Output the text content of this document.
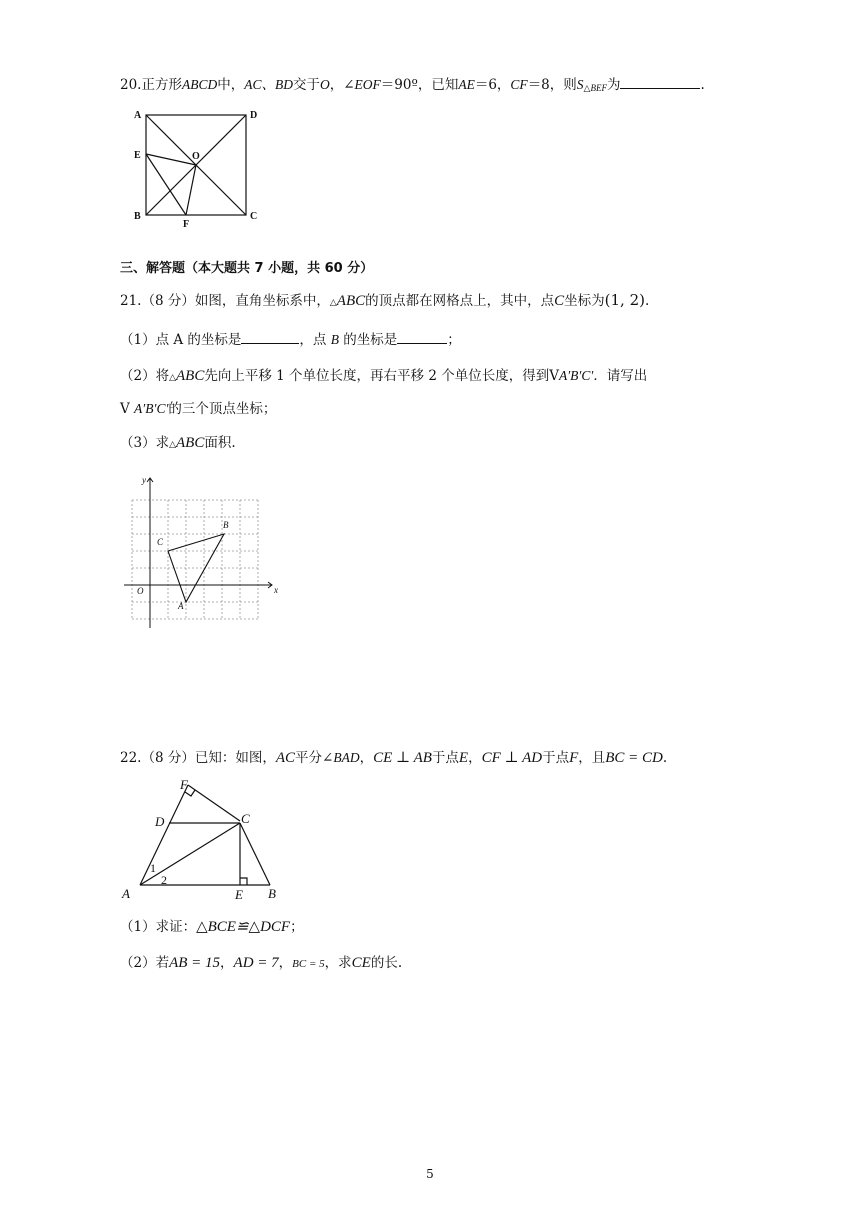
20.正方形ABCD中，AC、BD交于O，∠EOF＝90º，已知AE＝6，CF＝8，则$S_{\triangle BEF}$为	.
A	D
E	O
B
F
C
三、解答题（本大题共 7 小题，共 60 分）
21.（8 分）如图，直角坐标系中，△ABC的顶点都在网格点上，其中，点C坐标为(1, 2).
（1）点 A 的坐标是	，点 B 的坐标是	；
（2）将△ABC先向上平移 1 个单位长度，再右平移 2 个单位长度，得到VA′B′C′．请写出
V A′B′C′的三个顶点坐标；
（3）求△ABC面积.
y
x
O
A
B
C
22.（8 分）已知：如图，AC平分∠BAD，CE ⊥ AB于点E，CF ⊥ AD于点F，且BC = CD.
F
D	C
A	E B
1
2
（1）求证：△BCE≌△DCF；
（2）若AB = 15，AD = 7，BC = 5，求CE的长.
5
